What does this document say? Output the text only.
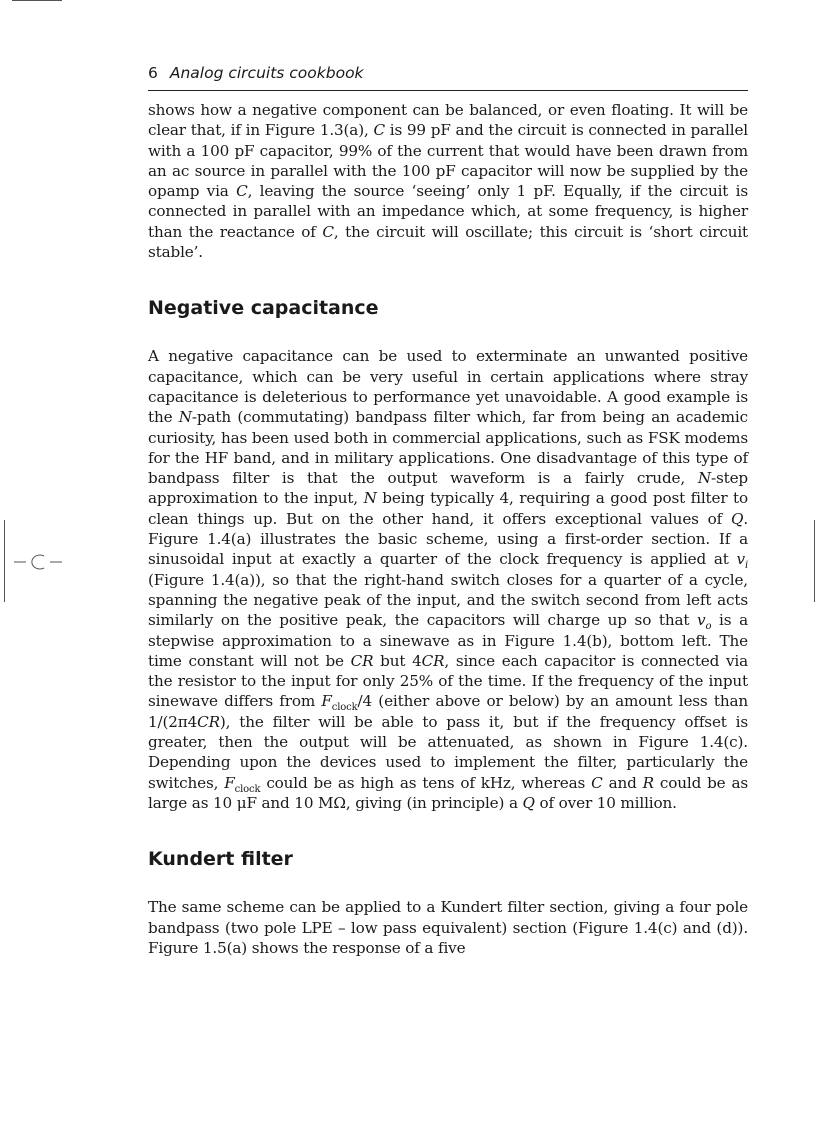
6 Analog circuits cookbook

shows how a negative component can be balanced, or even floating. It will be clear that, if in Figure 1.3(a), C is 99 pF and the circuit is connected in parallel with a 100 pF capacitor, 99% of the current that would have been drawn from an ac source in parallel with the 100 pF capacitor will now be supplied by the opamp via C, leaving the source ‘seeing’ only 1 pF. Equally, if the circuit is connected in parallel with an impedance which, at some frequency, is higher than the reactance of C, the circuit will oscillate; this circuit is ‘short circuit stable’.

Negative capacitance

A negative capacitance can be used to exterminate an unwanted positive capacitance, which can be very useful in certain applications where stray capacitance is deleterious to performance yet unavoidable. A good example is the N-path (commutating) bandpass filter which, far from being an academic curiosity, has been used both in commercial applications, such as FSK modems for the HF band, and in military applications. One disadvantage of this type of bandpass filter is that the output waveform is a fairly crude, N-step approximation to the input, N being typically 4, requiring a good post filter to clean things up. But on the other hand, it offers exceptional values of Q. Figure 1.4(a) illustrates the basic scheme, using a first-order section. If a sinusoidal input at exactly a quarter of the clock frequency is applied at $v_i$ (Figure 1.4(a)), so that the right-hand switch closes for a quarter of a cycle, spanning the negative peak of the input, and the switch second from left acts similarly on the positive peak, the capacitors will charge up so that $v_o$ is a stepwise approximation to a sinewave as in Figure 1.4(b), bottom left. The time constant will not be CR but 4CR, since each capacitor is connected via the resistor to the input for only 25% of the time. If the frequency of the input sinewave differs from $F_{clock}/4$ (either above or below) by an amount less than 1/(2π4CR), the filter will be able to pass it, but if the frequency offset is greater, then the output will be attenuated, as shown in Figure 1.4(c). Depending upon the devices used to implement the filter, particularly the switches, $F_{clock}$ could be as high as tens of kHz, whereas C and R could be as large as 10 μF and 10 MΩ, giving (in principle) a Q of over 10 million.

Kundert filter

The same scheme can be applied to a Kundert filter section, giving a four pole bandpass (two pole LPE – low pass equivalent) section (Figure 1.4(c) and (d)). Figure 1.5(a) shows the response of a five
